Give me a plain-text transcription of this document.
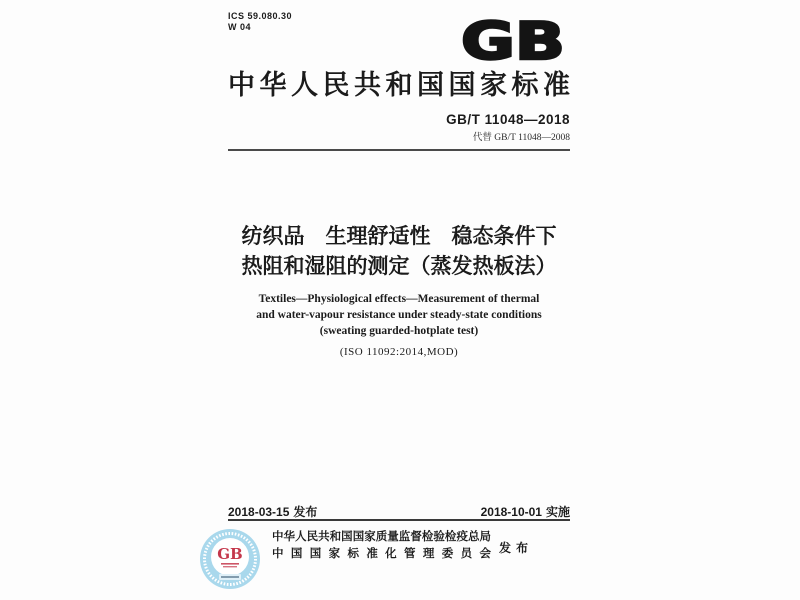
ICS 59.080.30
W 04	GB
中华人民共和国国家标准
GB/T 11048—2018
代替 GB/T 11048—2008
纺织品　生理舒适性　稳态条件下
热阻和湿阻的测定（蒸发热板法）
Textiles—Physiological effects—Measurement of thermal
and water-vapour resistance under steady-state conditions
(sweating guarded-hotplate test)
(ISO 11092:2014,MOD)
2018-03-15 发布	2018-10-01 实施
GB
中华人民共和国国家质量监督检验检疫总局
中国国家标准化管理委员会 发布
